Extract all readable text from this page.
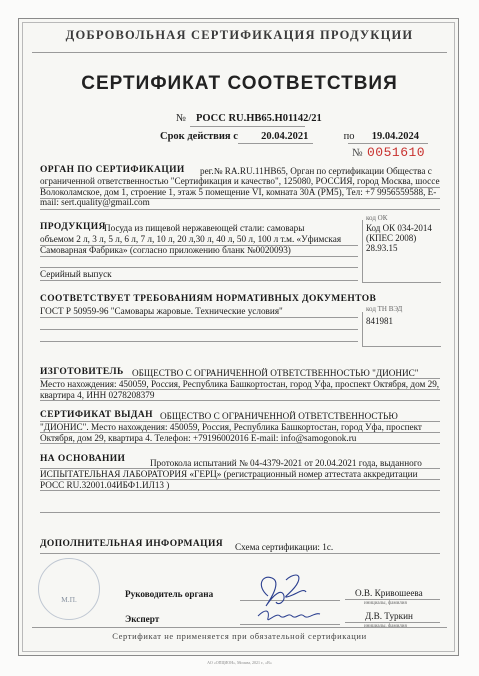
ДОБРОВОЛЬНАЯ СЕРТИФИКАЦИЯ ПРОДУКЦИИ
СЕРТИФИКАТ СООТВЕТСТВИЯ
№ РОСС RU.НВ65.Н01142/21
Срок действия с 20.04.2021	по 19.04.2024
№ 0051610
ОРГАН ПО СЕРТИФИКАЦИИ рег.№ RA.RU.11НВ65, Орган по сертификации Общества с
ограниченной ответственностью "Сертификация и качество", 125080, РОССИЯ, город Москва, шоссе Волоколамское, дом 1, строение 1, этаж 5 помещение VI, комната 30А (РМ5), Тел: +7 9956559588, E-mail: sert.quality@gmail.com
ПРОДУКЦИЯ
Посуда из пищевой нержавеющей стали: самовары
объемом 2 л, 3 л, 5 л, 6 л, 7 л, 10 л, 20 л,30 л, 40 л, 50 л, 100 л т.м. «Уфимская Самоварная Фабрика» (согласно приложению бланк №0020093)
Серийный выпуск
код ОК
Код ОК 034-2014 (КПЕС 2008) 28.93.15
СООТВЕТСТВУЕТ ТРЕБОВАНИЯМ НОРМАТИВНЫХ ДОКУМЕНТОВ
ГОСТ Р 50959-96 "Самовары жаровые. Технические условия"	код ТН ВЭД
841981
ИЗГОТОВИТЕЛЬ ОБЩЕСТВО С ОГРАНИЧЕННОЙ ОТВЕТСТВЕННОСТЬЮ "ДИОНИС"
Место нахождения: 450059, Россия, Республика Башкортостан, город Уфа, проспект Октября, дом 29, квартира 4, ИНН 0278208379
СЕРТИФИКАТ ВЫДАН ОБЩЕСТВО С ОГРАНИЧЕННОЙ ОТВЕТСТВЕННОСТЬЮ
"ДИОНИС". Место нахождения: 450059, Россия, Республика Башкортостан, город Уфа, проспект Октября, дом 29, квартира 4. Телефон: +79196002016 E-mail: info@samogonok.ru
НА ОСНОВАНИИ	Протокола испытаний № 04-4379-2021 от 20.04.2021 года, выданного
ИСПЫТАТЕЛЬНАЯ ЛАБОРАТОРИЯ «ГЕРЦ» (регистрационный номер аттестата аккредитации РОСС RU.32001.04ИБФ1.ИЛ13 )
ДОПОЛНИТЕЛЬНАЯ ИНФОРМАЦИЯ Схема сертификации: 1с.
М.П.
Руководитель органа	О.В. Кривошеева
инициалы, фамилия
Эксперт	Д.В. Туркин
инициалы, фамилия
Сертификат не применяется при обязательной сертификации
АО «ОПЦИОН», Москва, 2021 г., «В»
